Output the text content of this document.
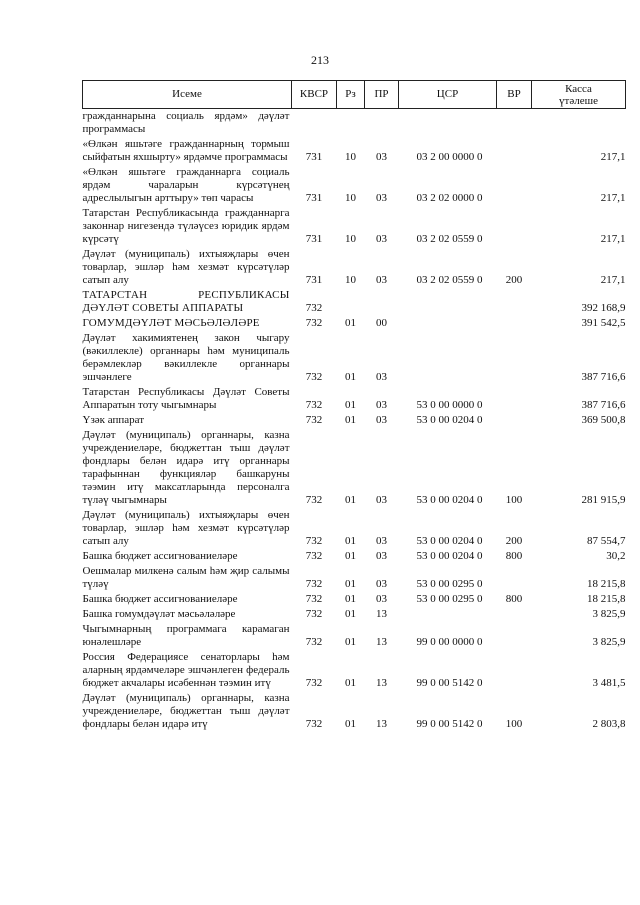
213
Исеме	КВСР	Рз	ПР	ЦСР	ВР	Касса
үтәлеше

гражданнарына социаль ярдәм» дәүләт программасы						
«Өлкән яшьтәге гражданнарның тормыш сыйфатын яхшырту» ярдәмче программасы	731	10	03	03 2 00 0000 0		217,1
«Өлкән яшьтәге гражданнарга социаль ярдәм чараларын күрсәтүнең адреслылыгын арттыру» төп чарасы	731	10	03	03 2 02 0000 0		217,1
Татарстан Республикасында гражданнарга законнар нигезендә түләүсез юридик ярдәм күрсәтү	731	10	03	03 2 02 0559 0		217,1
Дәүләт (муниципаль) ихтыяҗлары өчен товарлар, эшләр һәм хезмәт күрсәтүләр сатып алу	731	10	03	03 2 02 0559 0	200	217,1
ТАТАРСТАН РЕСПУБЛИКАСЫ ДӘҮЛӘТ СОВЕТЫ АППАРАТЫ	732					392 168,9
ГОМУМДӘҮЛӘТ МӘСЬӘЛӘЛӘРЕ	732	01	00			391 542,5
Дәүләт хакимиятенең закон чыгару (вәкиллекле) органнары һәм муниципаль берәмлекләр вәкиллекле органнары эшчәнлеге	732	01	03			387 716,6
Татарстан Республикасы Дәүләт Советы Аппаратын тоту чыгымнары	732	01	03	53 0 00 0000 0		387 716,6
Үзәк аппарат	732	01	03	53 0 00 0204 0		369 500,8
Дәүләт (муниципаль) органнары, казна учреждениеләре, бюджеттан тыш дәүләт фондлары белән идарә итү органнары тарафыннан функцияләр башкаруны тәэмин итү максатларында персоналга түләү чыгымнары	732	01	03	53 0 00 0204 0	100	281 915,9
Дәүләт (муниципаль) ихтыяҗлары өчен товарлар, эшләр һәм хезмәт күрсәтүләр сатып алу	732	01	03	53 0 00 0204 0	200	87 554,7
Башка бюджет ассигнованиеләре	732	01	03	53 0 00 0204 0	800	30,2
Оешмалар милкенә салым һәм җир салымы түләү	732	01	03	53 0 00 0295 0		18 215,8
Башка бюджет ассигнованиеләре	732	01	03	53 0 00 0295 0	800	18 215,8
Башка гомумдәүләт мәсьәләләре	732	01	13			3 825,9
Чыгымнарның программага карамаган юнәлешләре	732	01	13	99 0 00 0000 0		3 825,9
Россия Федерациясе сенаторлары һәм аларның ярдәмчеләре эшчәнлеген федераль бюджет акчалары исәбеннән тәэмин итү	732	01	13	99 0 00 5142 0		3 481,5
Дәүләт (муниципаль) органнары, казна учреждениеләре, бюджеттан тыш дәүләт фондлары белән идарә итү	732	01	13	99 0 00 5142 0	100	2 803,8
